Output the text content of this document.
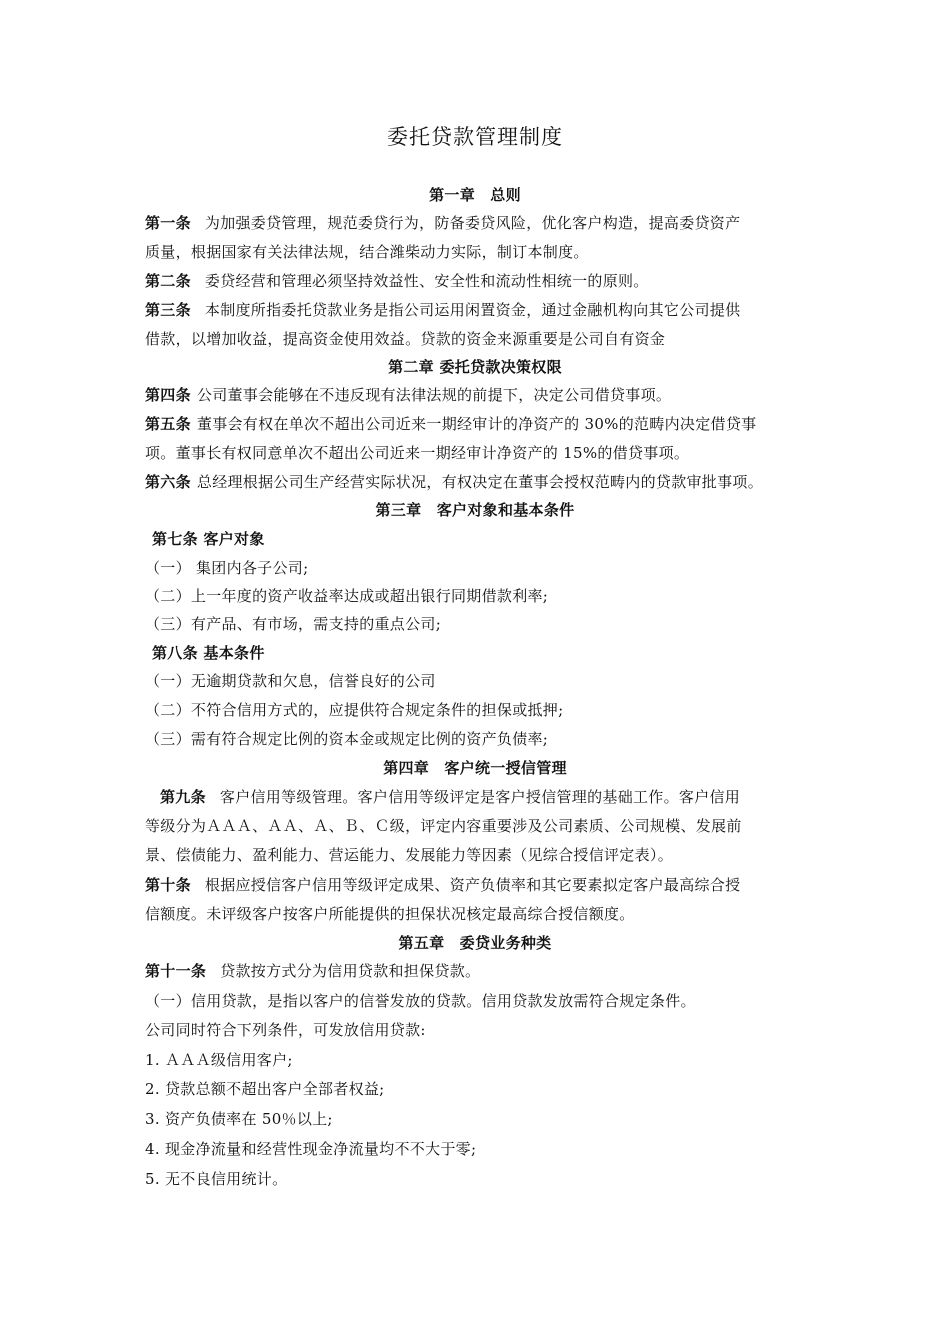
委托贷款管理制度
第一章　总则
第一条 为加强委贷管理，规范委贷行为，防备委贷风险，优化客户构造，提高委贷资产
质量，根据国家有关法律法规，结合潍柴动力实际，制订本制度。
第二条 委贷经营和管理必须坚持效益性、安全性和流动性相统一的原则。
第三条 本制度所指委托贷款业务是指公司运用闲置资金，通过金融机构向其它公司提供
借款，以增加收益，提高资金使用效益。贷款的资金来源重要是公司自有资金
第二章 委托贷款决策权限
第四条 公司董事会能够在不违反现有法律法规的前提下，决定公司借贷事项。
第五条 董事会有权在单次不超出公司近来一期经审计的净资产的 30%的范畴内决定借贷事
项。董事长有权同意单次不超出公司近来一期经审计净资产的 15%的借贷事项。
第六条 总经理根据公司生产经营实际状况，有权决定在董事会授权范畴内的贷款审批事项。
第三章　客户对象和基本条件
第七条 客户对象
（一） 集团内各子公司;
（二）上一年度的资产收益率达成或超出银行同期借款利率;
（三）有产品、有市场，需支持的重点公司;
第八条 基本条件
（一）无逾期贷款和欠息，信誉良好的公司
（二）不符合信用方式的，应提供符合规定条件的担保或抵押;
（三）需有符合规定比例的资本金或规定比例的资产负债率;
第四章　客户统一授信管理
第九条 客户信用等级管理。客户信用等级评定是客户授信管理的基础工作。客户信用
等级分为ＡＡＡ、ＡＡ、Ａ、Ｂ、Ｃ级，评定内容重要涉及公司素质、公司规模、发展前
景、偿债能力、盈利能力、营运能力、发展能力等因素（见综合授信评定表）。
第十条 根据应授信客户信用等级评定成果、资产负债率和其它要素拟定客户最高综合授
信额度。未评级客户按客户所能提供的担保状况核定最高综合授信额度。
第五章　委贷业务种类
第十一条 贷款按方式分为信用贷款和担保贷款。
（一）信用贷款，是指以客户的信誉发放的贷款。信用贷款发放需符合规定条件。
公司同时符合下列条件，可发放信用贷款:
1. ＡＡＡ级信用客户;
2. 贷款总额不超出客户全部者权益;
3. 资产负债率在 50％以上;
4. 现金净流量和经营性现金净流量均不不大于零;
5. 无不良信用统计。
